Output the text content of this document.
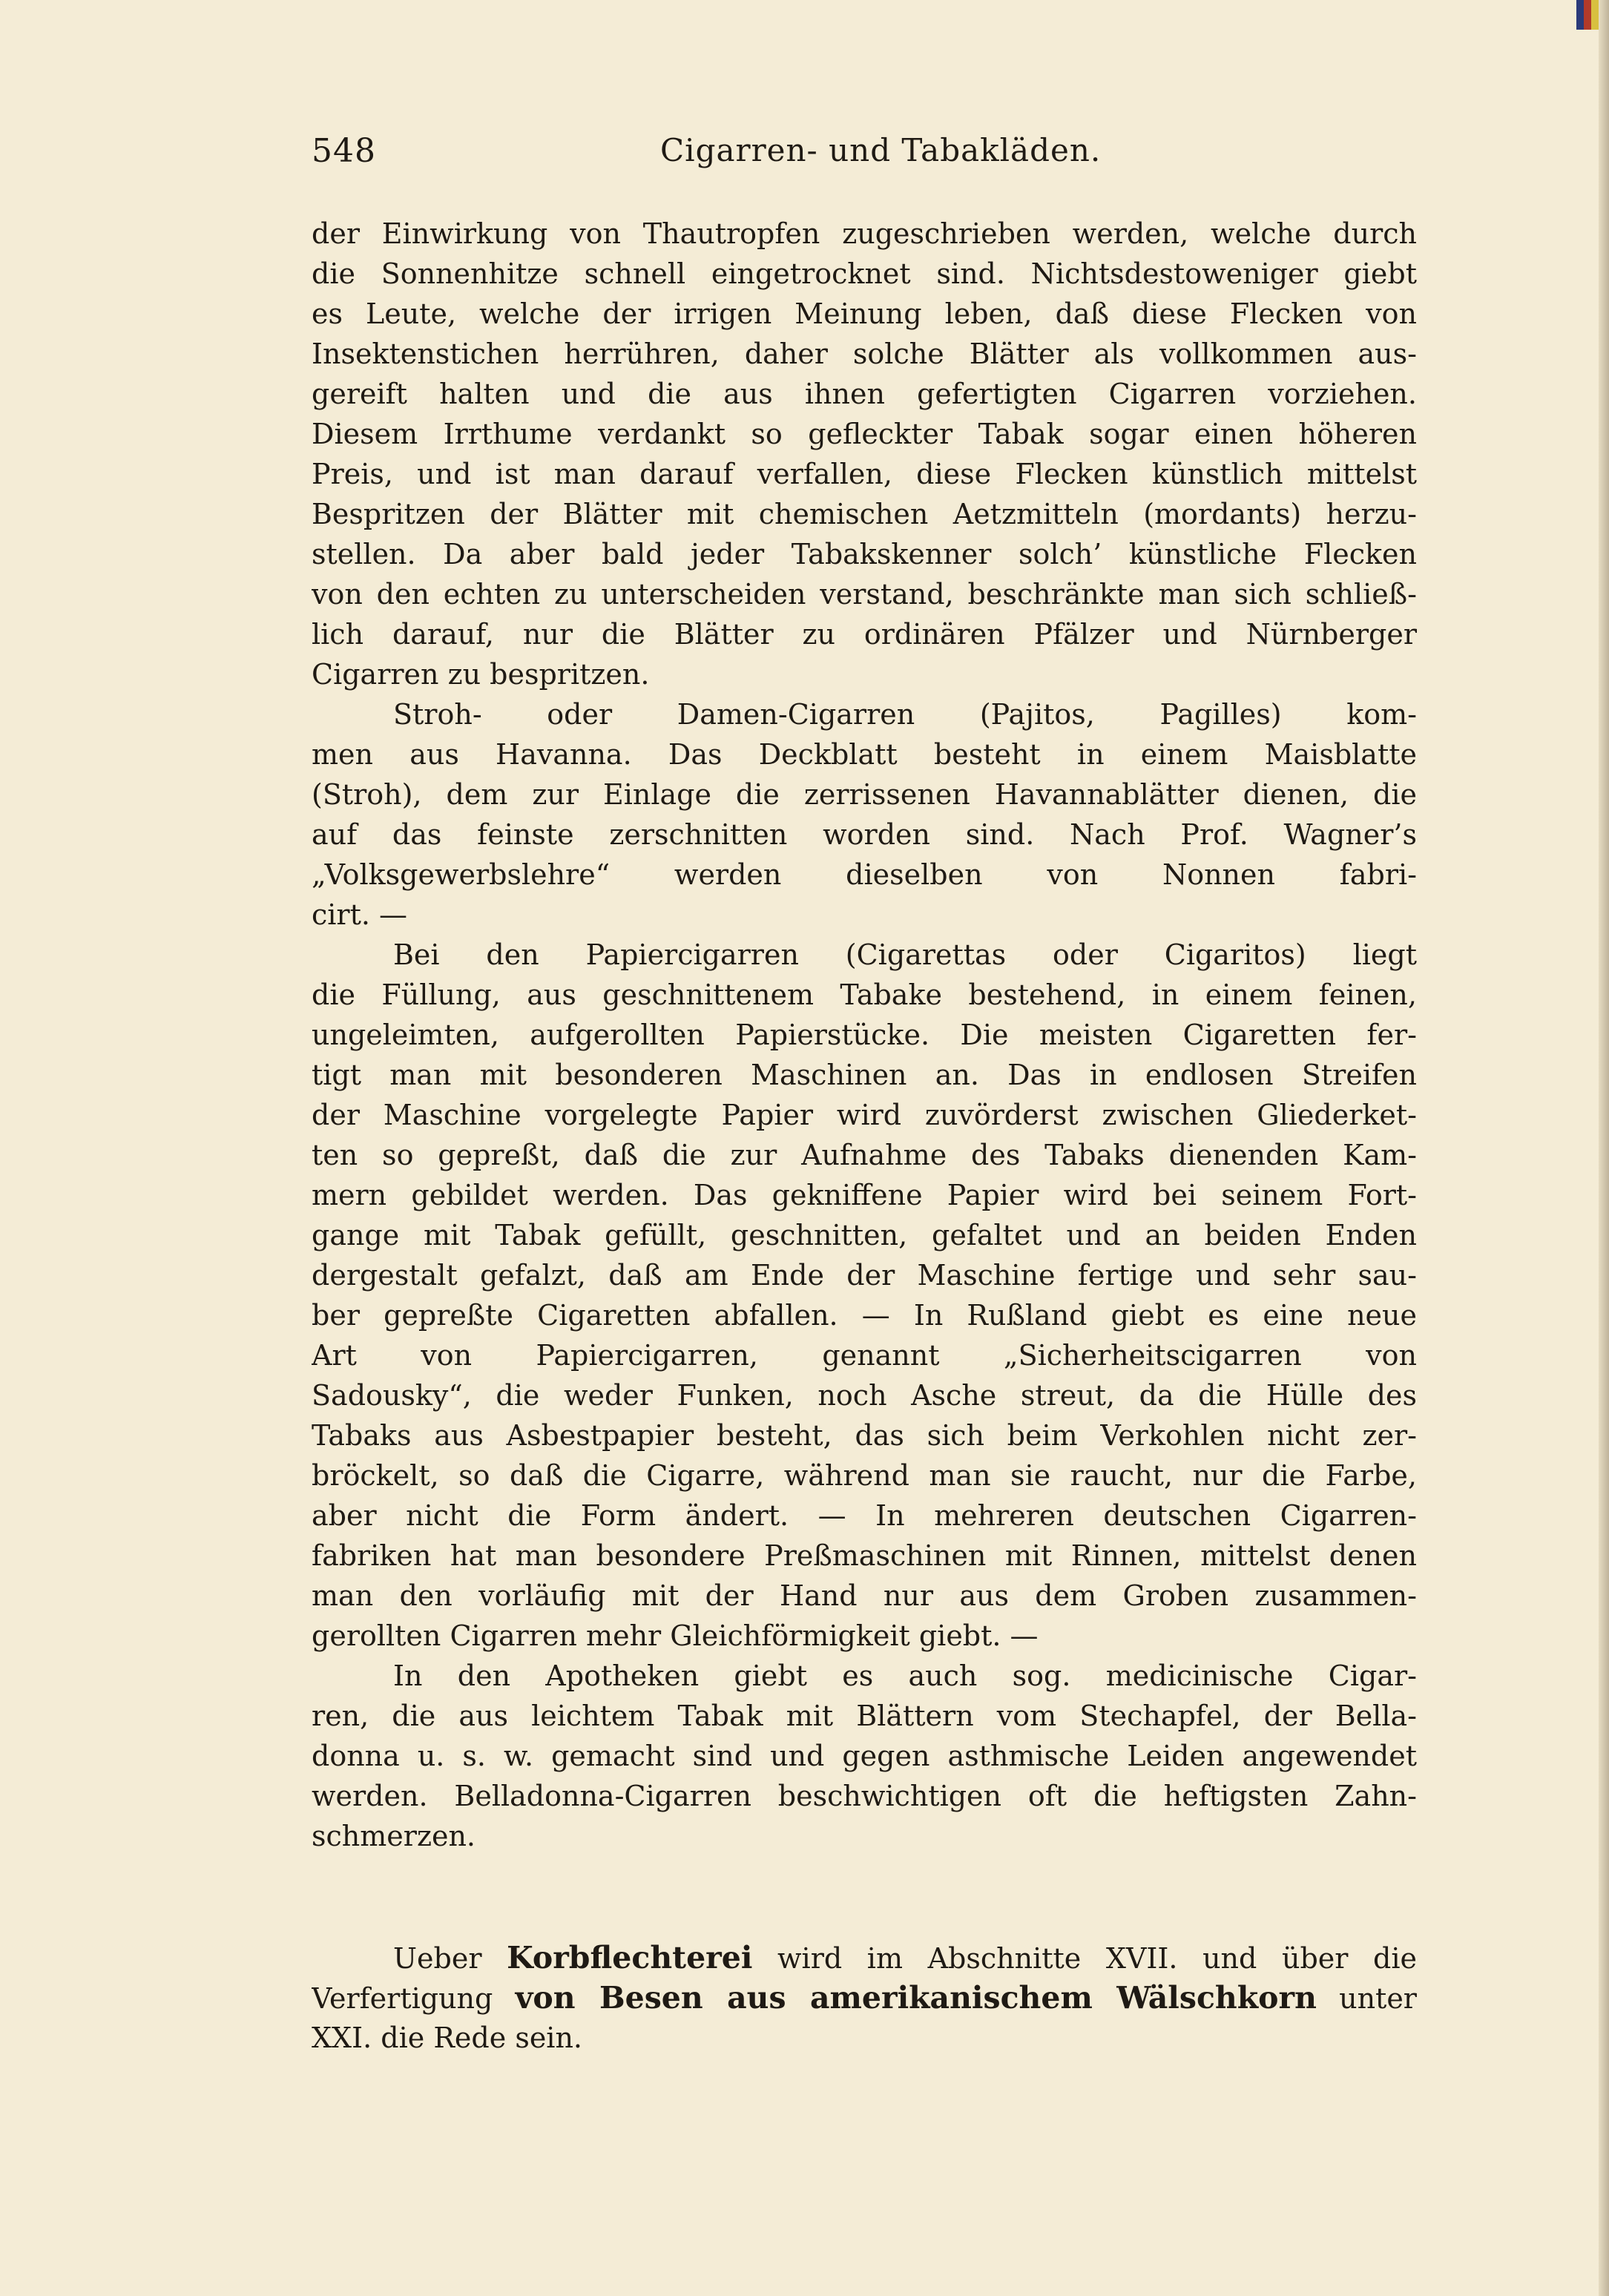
548	Cigarren- und Tabakläden.
der Einwirkung von Thautropfen zugeschrieben werden, welche durch
die Sonnenhitze schnell eingetrocknet sind. Nichtsdestoweniger giebt
es Leute, welche der irrigen Meinung leben, daß diese Flecken von
Insektenstichen herrühren, daher solche Blätter als vollkommen aus-
gereift halten und die aus ihnen gefertigten Cigarren vorziehen.
Diesem Irrthume verdankt so gefleckter Tabak sogar einen höheren
Preis, und ist man darauf verfallen, diese Flecken künstlich mittelst
Bespritzen der Blätter mit chemischen Aetzmitteln (mordants) herzu-
stellen. Da aber bald jeder Tabakskenner solch’ künstliche Flecken
von den echten zu unterscheiden verstand, beschränkte man sich schließ-
lich darauf, nur die Blätter zu ordinären Pfälzer und Nürnberger
Cigarren zu bespritzen.
Stroh- oder Damen-Cigarren (Pajitos, Pagilles) kom-
men aus Havanna. Das Deckblatt besteht in einem Maisblatte
(Stroh), dem zur Einlage die zerrissenen Havannablätter dienen, die
auf das feinste zerschnitten worden sind. Nach Prof. Wagner’s
„Volksgewerbslehre“ werden dieselben von Nonnen fabri-
cirt. —
Bei den Papiercigarren (Cigarettas oder Cigaritos) liegt
die Füllung, aus geschnittenem Tabake bestehend, in einem feinen,
ungeleimten, aufgerollten Papierstücke. Die meisten Cigaretten fer-
tigt man mit besonderen Maschinen an. Das in endlosen Streifen
der Maschine vorgelegte Papier wird zuvörderst zwischen Gliederket-
ten so gepreßt, daß die zur Aufnahme des Tabaks dienenden Kam-
mern gebildet werden. Das gekniffene Papier wird bei seinem Fort-
gange mit Tabak gefüllt, geschnitten, gefaltet und an beiden Enden
dergestalt gefalzt, daß am Ende der Maschine fertige und sehr sau-
ber gepreßte Cigaretten abfallen. — In Rußland giebt es eine neue
Art von Papiercigarren, genannt „Sicherheitscigarren von
Sadousky“, die weder Funken, noch Asche streut, da die Hülle des
Tabaks aus Asbestpapier besteht, das sich beim Verkohlen nicht zer-
bröckelt, so daß die Cigarre, während man sie raucht, nur die Farbe,
aber nicht die Form ändert. — In mehreren deutschen Cigarren-
fabriken hat man besondere Preßmaschinen mit Rinnen, mittelst denen
man den vorläufig mit der Hand nur aus dem Groben zusammen-
gerollten Cigarren mehr Gleichförmigkeit giebt. —
In den Apotheken giebt es auch sog. medicinische Cigar-
ren, die aus leichtem Tabak mit Blättern vom Stechapfel, der Bella-
donna u. s. w. gemacht sind und gegen asthmische Leiden angewendet
werden. Belladonna-Cigarren beschwichtigen oft die heftigsten Zahn-
schmerzen.
Ueber Korbflechterei wird im Abschnitte XVII. und über die
Verfertigung von Besen aus amerikanischem Wälschkorn unter
XXI. die Rede sein.
